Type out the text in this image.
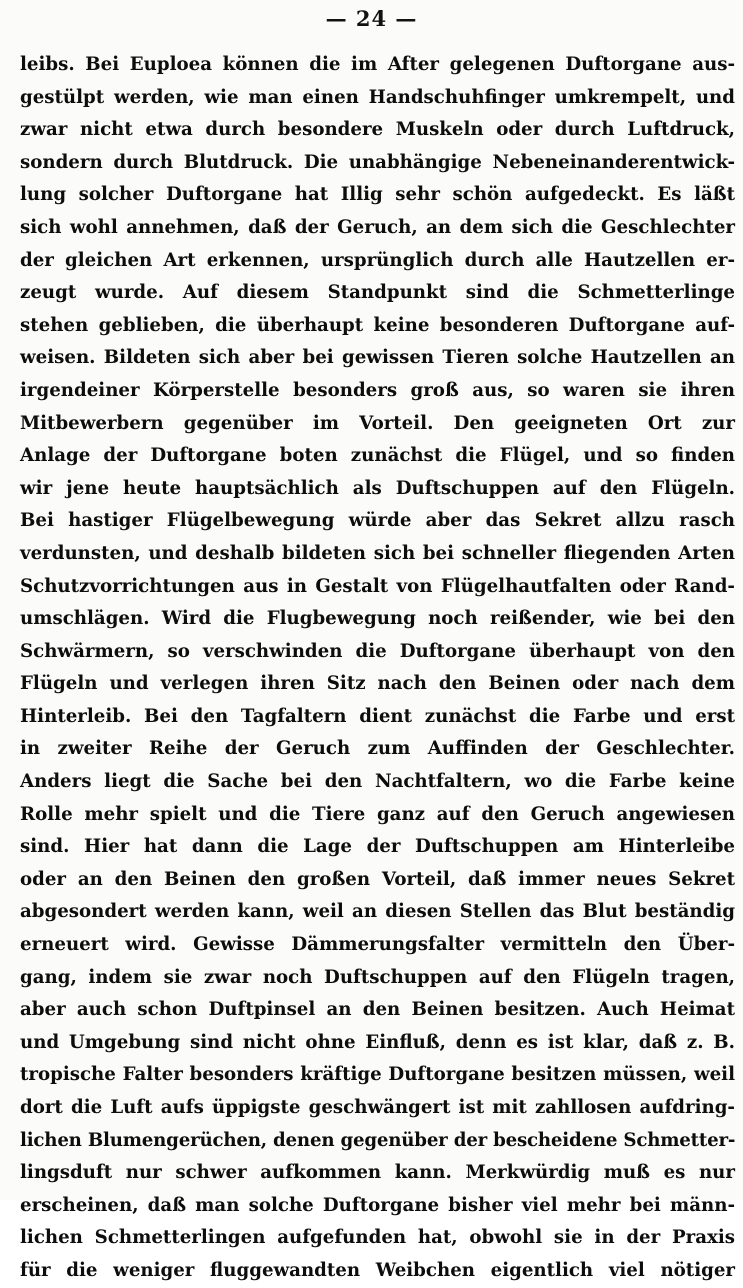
— 24 —
leibs. Bei Euploea können die im After gelegenen Duftorgane aus-
gestülpt werden, wie man einen Handschuhfinger umkrempelt, und
zwar nicht etwa durch besondere Muskeln oder durch Luftdruck,
sondern durch Blutdruck. Die unabhängige Nebeneinanderentwick-
lung solcher Duftorgane hat Illig sehr schön aufgedeckt. Es läßt
sich wohl annehmen, daß der Geruch, an dem sich die Geschlechter
der gleichen Art erkennen, ursprünglich durch alle Hautzellen er-
zeugt wurde. Auf diesem Standpunkt sind die Schmetterlinge
stehen geblieben, die überhaupt keine besonderen Duftorgane auf-
weisen. Bildeten sich aber bei gewissen Tieren solche Hautzellen an
irgendeiner Körperstelle besonders groß aus, so waren sie ihren
Mitbewerbern gegenüber im Vorteil. Den geeigneten Ort zur
Anlage der Duftorgane boten zunächst die Flügel, und so finden
wir jene heute hauptsächlich als Duftschuppen auf den Flügeln.
Bei hastiger Flügelbewegung würde aber das Sekret allzu rasch
verdunsten, und deshalb bildeten sich bei schneller fliegenden Arten
Schutzvorrichtungen aus in Gestalt von Flügelhautfalten oder Rand-
umschlägen. Wird die Flugbewegung noch reißender, wie bei den
Schwärmern, so verschwinden die Duftorgane überhaupt von den
Flügeln und verlegen ihren Sitz nach den Beinen oder nach dem
Hinterleib. Bei den Tagfaltern dient zunächst die Farbe und erst
in zweiter Reihe der Geruch zum Auffinden der Geschlechter.
Anders liegt die Sache bei den Nachtfaltern, wo die Farbe keine
Rolle mehr spielt und die Tiere ganz auf den Geruch angewiesen
sind. Hier hat dann die Lage der Duftschuppen am Hinterleibe
oder an den Beinen den großen Vorteil, daß immer neues Sekret
abgesondert werden kann, weil an diesen Stellen das Blut beständig
erneuert wird. Gewisse Dämmerungsfalter vermitteln den Über-
gang, indem sie zwar noch Duftschuppen auf den Flügeln tragen,
aber auch schon Duftpinsel an den Beinen besitzen. Auch Heimat
und Umgebung sind nicht ohne Einfluß, denn es ist klar, daß z. B.
tropische Falter besonders kräftige Duftorgane besitzen müssen, weil
dort die Luft aufs üppigste geschwängert ist mit zahllosen aufdring-
lichen Blumengerüchen, denen gegenüber der bescheidene Schmetter-
lingsduft nur schwer aufkommen kann. Merkwürdig muß es nur
erscheinen, daß man solche Duftorgane bisher viel mehr bei männ-
lichen Schmetterlingen aufgefunden hat, obwohl sie in der Praxis
für die weniger fluggewandten Weibchen eigentlich viel nötiger
